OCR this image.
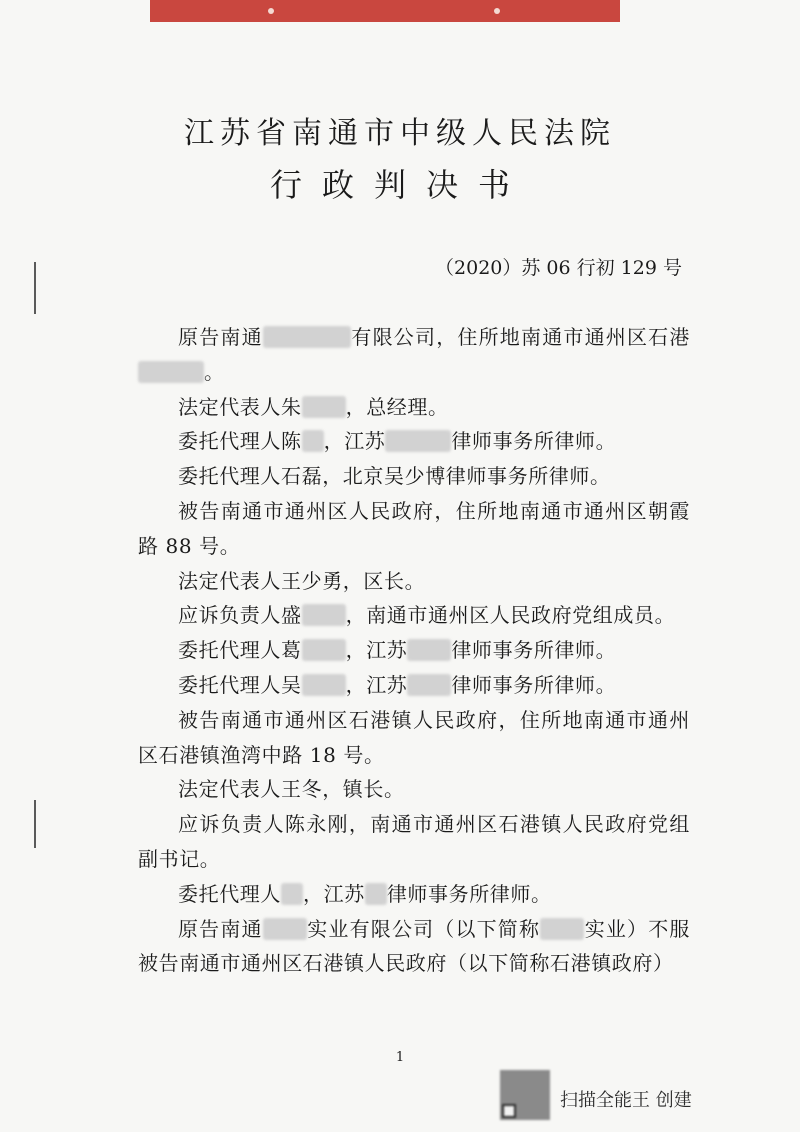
江苏省南通市中级人民法院
行政判决书
（2020）苏 06 行初 129 号

原告南通	有限公司，住所地南通市通州区石港。

法定代表人朱 ，总经理。

委托代理人陈 ，江苏	律师事务所律师。

委托代理人石磊，北京吴少博律师事务所律师。

被告南通市通州区人民政府，住所地南通市通州区朝霞路 88 号。

法定代表人王少勇，区长。

应诉负责人盛 ，南通市通州区人民政府党组成员。

委托代理人葛 ，江苏 律师事务所律师。

委托代理人吴 ，江苏 律师事务所律师。

被告南通市通州区石港镇人民政府，住所地南通市通州区石港镇渔湾中路 18 号。

法定代表人王冬，镇长。

应诉负责人陈永刚，南通市通州区石港镇人民政府党组副书记。

委托代理人 ，江苏 律师事务所律师。

原告南通 实业有限公司（以下简称 实业）不服被告南通市通州区石港镇人民政府（以下简称石港镇政府）

1
扫描全能王 创建
